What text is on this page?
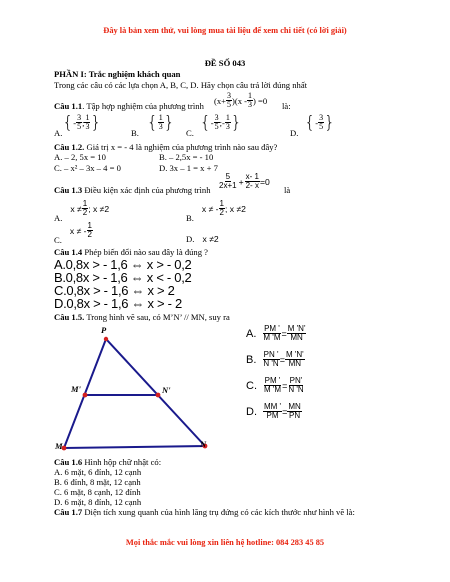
Đây là bản xem thử, vui lòng mua tài liệu để xem chi tiết (có lời giải)
ĐỀ SỐ 043
PHẦN I: Trắc nghiệm khách quan
Trong các câu có các lựa chọn A, B, C, D. Hãy chọn câu trả lời đúng nhất
Câu 1.1. Tập hợp nghiệm của phương trình
$(x+ \frac{3}{5} )(x - \frac{1}{3}$ ) =0
là:
A. { - $\frac{3}{5}$ ; $\frac{1}{3}$ }	B. { $\frac{1}{3}$ } C. { - $\frac{3}{5}$ ; - $\frac{1}{3}$ }	D. { - $\frac{3}{5}$ }
Câu 1.2. Giá trị x = - 4 là nghiệm của phương trình nào sau đây?
A. – 2, 5x = 10	B. – 2,5x = - 10
C. – x² – 3x – 4 = 0	D. 3x – 1 = x + 7
Câu 1.3 Điều kiện xác định của phương trình $\frac{5}{2x+1} + \frac{x- 1}{2- x} =0$
là
A.
$x \ne \frac{1}{2}$ ; x ≠2
B.
x ≠ - $\frac{1}{2}$ ; x ≠2
C.
x ≠ - $\frac{1}{2}$	D. x ≠2
Câu 1.4 Phép biến đổi nào sau đây là đúng ?
A.0,8x > - 1,6 ⇔ x > - 0,2
B.0,8x > - 1,6 ⇔ x < - 0,2
C.0,8x > - 1,6 ⇔ x > 2
D.0,8x > - 1,6 ⇔ x > - 2
Câu 1.5. Trong hình vẽ sau, có M’N’ // MN, suy ra
P
M'	N'
M	N
A. $\frac{PM '}{M 'M} = \frac{M 'N'}{MN}$
B. $\frac{PN '}{N 'N} = \frac{M 'N'}{MN}$
C. $\frac{PM '}{M 'M} = \frac{PN'}{N 'N}$
D. $\frac{MM '}{PM} = \frac{MN}{PN}$
Câu 1.6 Hình hộp chữ nhật có:
A. 6 mặt, 6 đỉnh, 12 cạnh
B. 6 đỉnh, 8 mặt, 12 cạnh
C. 6 mặt, 8 cạnh, 12 đỉnh
D. 6 mặt, 8 đỉnh, 12 cạnh
Câu 1.7 Diện tích xung quanh của hình lăng trụ đứng có các kích thước như hình vẽ là:
Mọi thắc mắc vui lòng xin liên hệ hotline: 084 283 45 85
